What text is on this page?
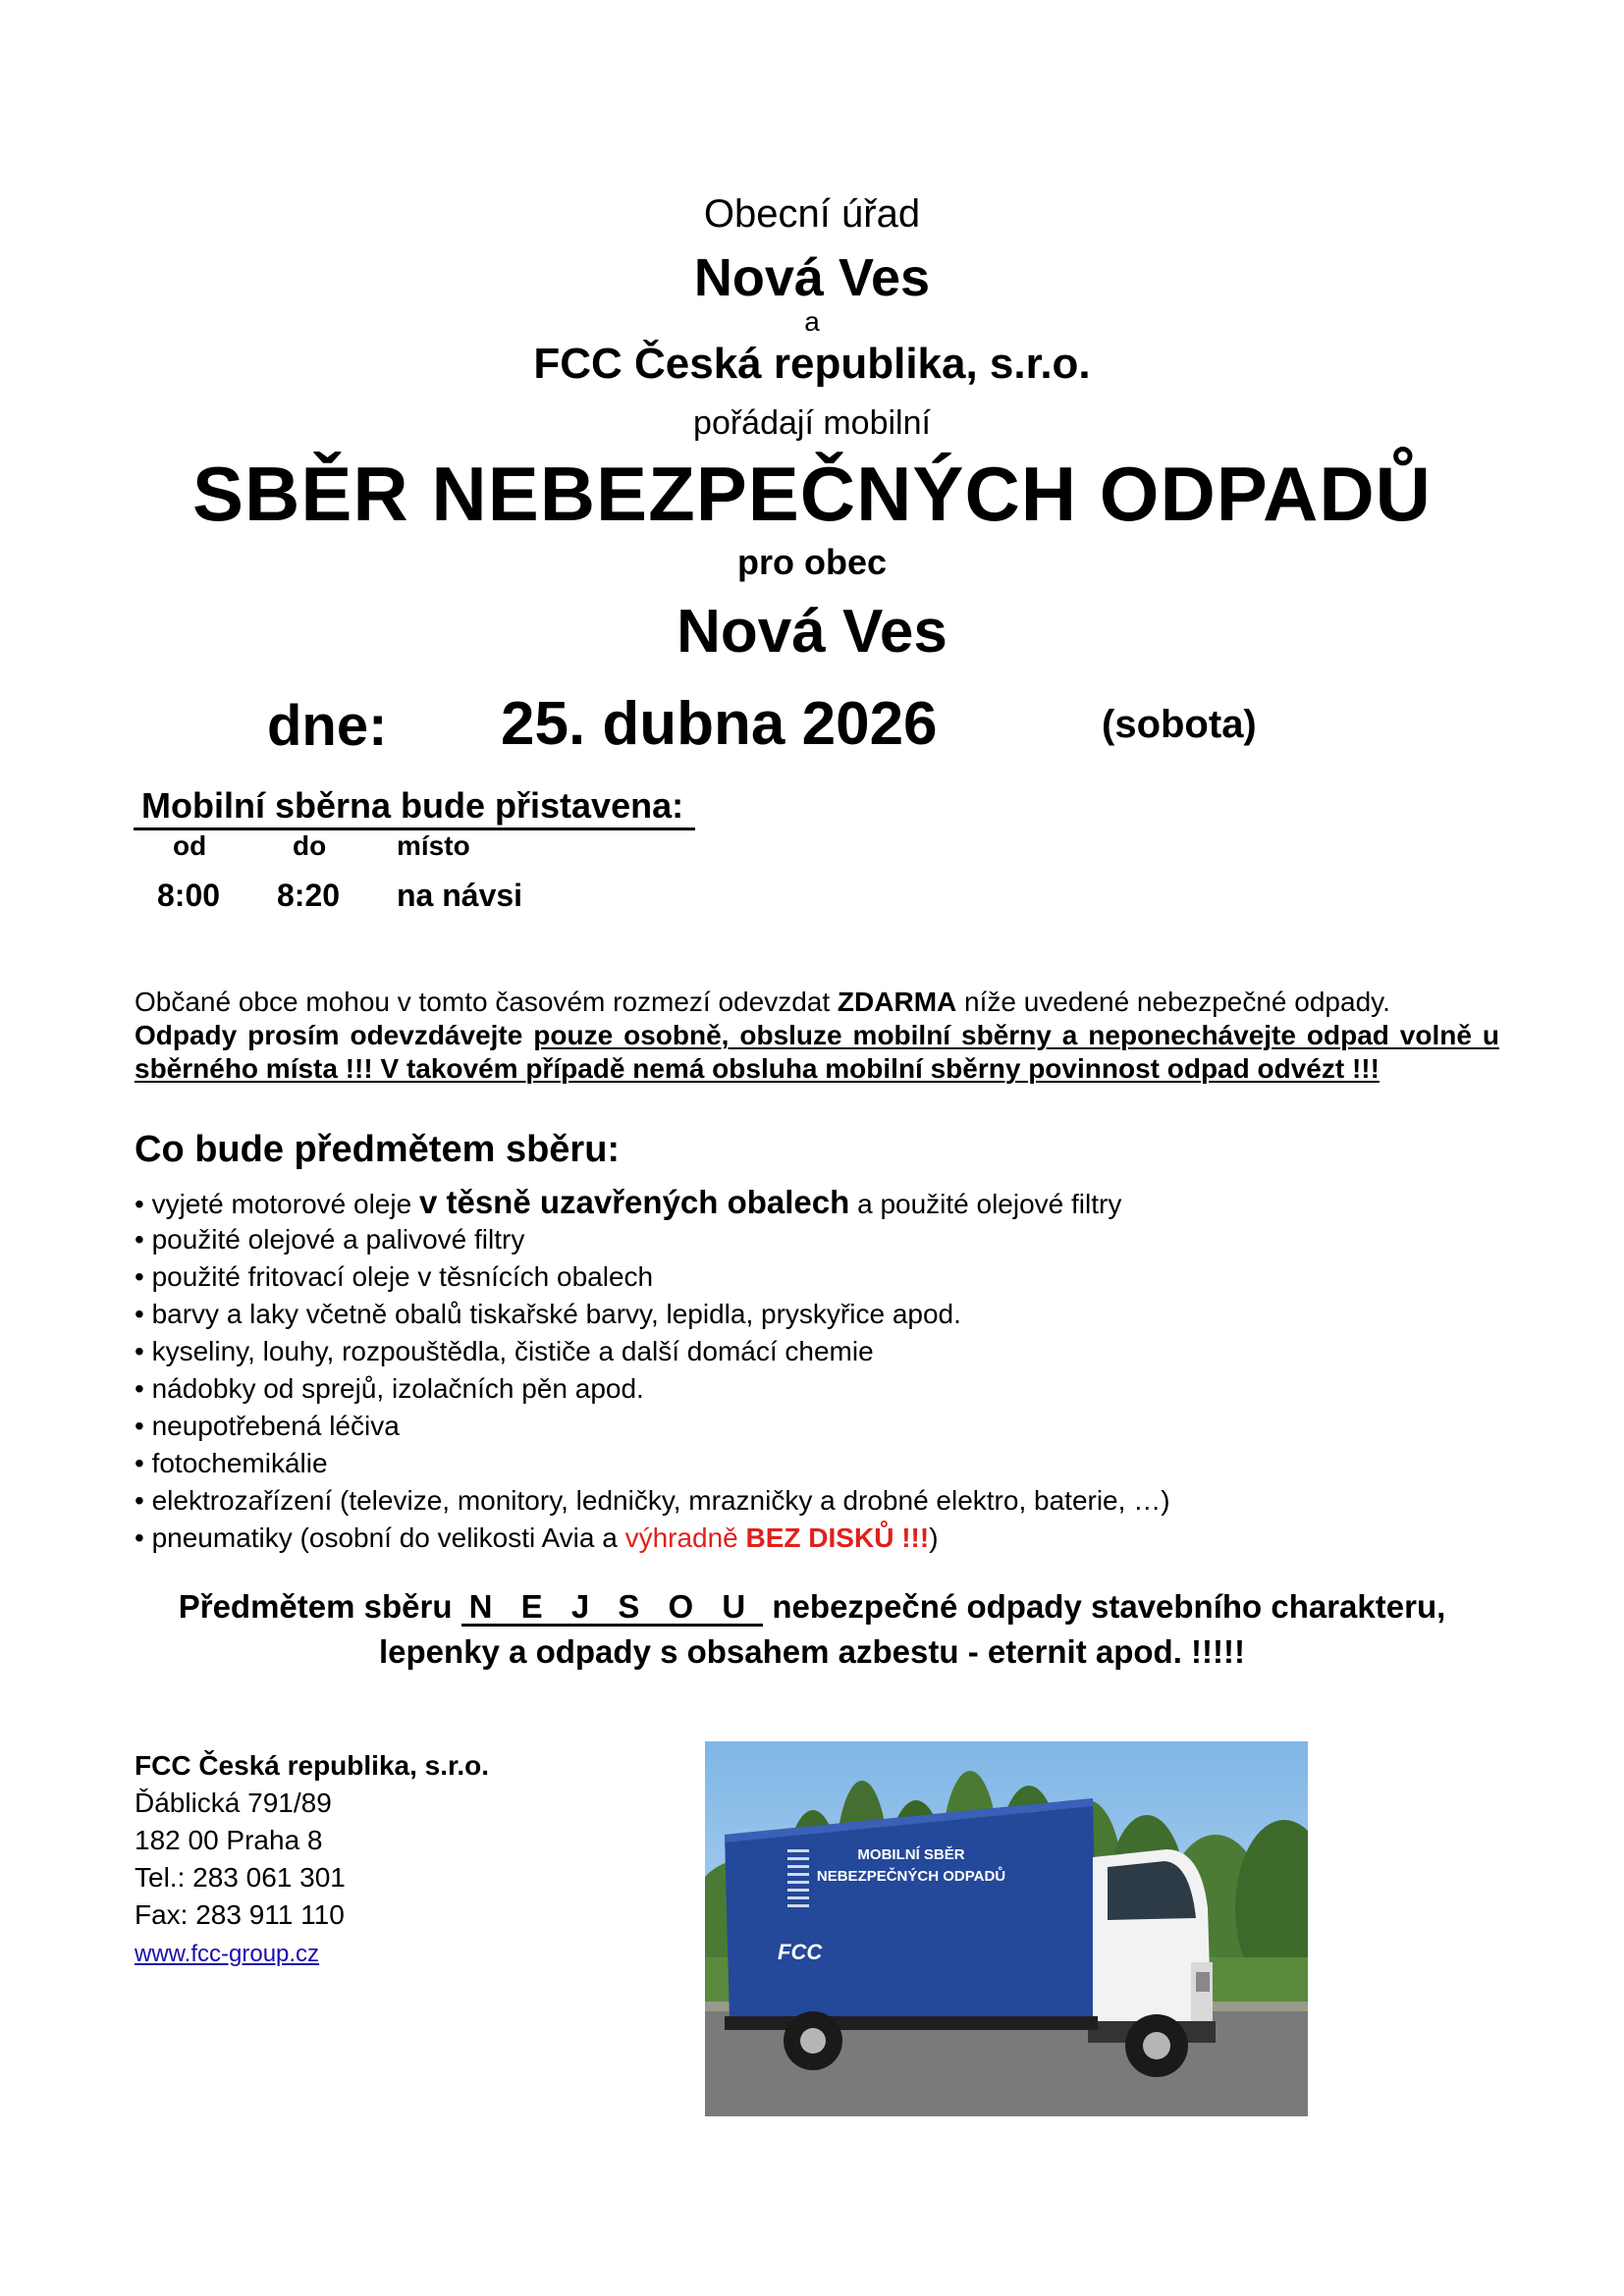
Obecní úřad
Nová Ves
a
FCC Česká republika, s.r.o.
pořádají mobilní
SBĚR NEBEZPEČNÝCH ODPADŮ
pro obec
Nová Ves
dne: 25. dubna 2026	(sobota)
Mobilní sběrna bude přistavena:
od	do	místo
8:00 8:20 na návsi
Občané obce mohou v tomto časovém rozmezí odevzdat ZDARMA níže uvedené nebezpečné odpady.
Odpady prosím odevzdávejte pouze osobně, obsluze mobilní sběrny a neponechávejte odpad volně u sběrného místa !!! V takovém případě nemá obsluha mobilní sběrny povinnost odpad odvézt !!!
Co bude předmětem sběru:
• vyjeté motorové oleje v těsně uzavřených obalech a použité olejové filtry
• použité olejové a palivové filtry
• použité fritovací oleje v těsnících obalech
• barvy a laky včetně obalů tiskařské barvy, lepidla, pryskyřice apod.
• kyseliny, louhy, rozpouštědla, čističe a další domácí chemie
• nádobky od sprejů, izolačních pěn apod.
• neupotřebená léčiva
• fotochemikálie
• elektrozařízení (televize, monitory, ledničky, mrazničky a drobné elektro, baterie, …)
• pneumatiky (osobní do velikosti Avia a výhradně BEZ DISKŮ !!!)
Předmětem sběru N E J S O U nebezpečné odpady stavebního charakteru,
lepenky a odpady s obsahem azbestu - eternit apod. !!!!!
FCC Česká republika, s.r.o.
Ďáblická 791/89
182 00 Praha 8
Tel.: 283 061 301
Fax: 283 911 110
www.fcc-group.cz
MOBILNÍ SBĚR
NEBEZPEČNÝCH ODPADŮ
FCC
